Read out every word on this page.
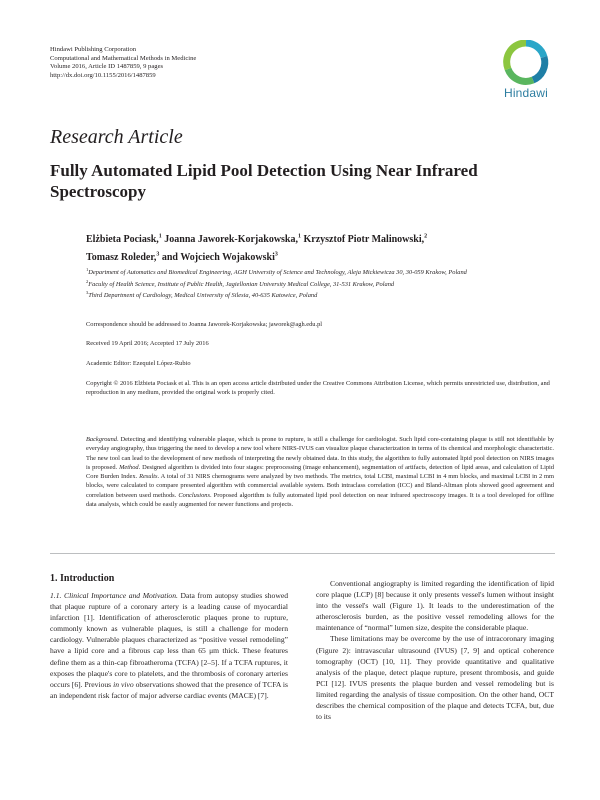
Hindawi Publishing Corporation
Computational and Mathematical Methods in Medicine
Volume 2016, Article ID 1487859, 9 pages
http://dx.doi.org/10.1155/2016/1487859
Hindawi
Research Article
Fully Automated Lipid Pool Detection Using Near Infrared Spectroscopy
Elżbieta Pociask,$^1$ Joanna Jaworek-Korjakowska,$^1$ Krzysztof Piotr Malinowski,$^2$
Tomasz Roleder,$^3$ and Wojciech Wojakowski$^3$
$^1$Department of Automatics and Biomedical Engineering, AGH University of Science and Technology, Aleja Mickiewicza 30, 30-059 Krakow, Poland
$^2$Faculty of Health Science, Institute of Public Health, Jagiellonian University Medical College, 31-531 Krakow, Poland
$^3$Third Department of Cardiology, Medical University of Silesia, 40-635 Katowice, Poland
Correspondence should be addressed to Joanna Jaworek-Korjakowska; jaworek@agh.edu.pl
Received 19 April 2016; Accepted 17 July 2016
Academic Editor: Ezequiel López-Rubio
Copyright © 2016 Elżbieta Pociask et al. This is an open access article distributed under the Creative Commons Attribution License, which permits unrestricted use, distribution, and reproduction in any medium, provided the original work is properly cited.
Background. Detecting and identifying vulnerable plaque, which is prone to rupture, is still a challenge for cardiologist. Such lipid core-containing plaque is still not identifiable by everyday angiography, thus triggering the need to develop a new tool where NIRS-IVUS can visualize plaque characterization in terms of its chemical and morphologic characteristic. The new tool can lead to the development of new methods of interpreting the newly obtained data. In this study, the algorithm to fully automated lipid pool detection on NIRS images is proposed. Method. Designed algorithm is divided into four stages: preprocessing (image enhancement), segmentation of artifacts, detection of lipid areas, and calculation of Lipid Core Burden Index. Results. A total of 31 NIRS chemograms were analyzed by two methods. The metrics, total LCBI, maximal LCBI in 4 mm blocks, and maximal LCBI in 2 mm blocks, were calculated to compare presented algorithm with commercial available system. Both intraclass correlation (ICC) and Bland-Altman plots showed good agreement and correlation between used methods. Conclusions. Proposed algorithm is fully automated lipid pool detection on near infrared spectroscopy images. It is a tool developed for offline data analysis, which could be easily augmented for newer functions and projects.
1. Introduction
1.1. Clinical Importance and Motivation. Data from autopsy studies showed that plaque rupture of a coronary artery is a leading cause of myocardial infarction [1]. Identification of atherosclerotic plaques prone to rupture, commonly known as vulnerable plaques, is still a challenge for modern cardiology. Vulnerable plaques characterized as “positive vessel remodeling” have a lipid core and a fibrous cap less than 65 μm thick. These features define them as a thin-cap fibroatheroma (TCFA) [2–5]. If a TCFA ruptures, it exposes the plaque's core to platelets, and the thrombosis of coronary arteries occurs [6]. Previous in vivo observations showed that the presence of TCFA is an independent risk factor of major adverse cardiac events (MACE) [7].
Conventional angiography is limited regarding the identification of lipid core plaque (LCP) [8] because it only presents vessel's lumen without insight into the vessel's wall (Figure 1). It leads to the underestimation of the atherosclerosis burden, as the positive vessel remodeling allows for the maintenance of “normal” lumen size, despite the considerable plaque.
These limitations may be overcome by the use of intracoronary imaging (Figure 2): intravascular ultrasound (IVUS) [7, 9] and optical coherence tomography (OCT) [10, 11]. They provide quantitative and qualitative analysis of the plaque, detect plaque rupture, present thrombosis, and guide PCI [12]. IVUS presents the plaque burden and vessel remodeling but is limited regarding the analysis of tissue composition. On the other hand, OCT describes the chemical composition of the plaque and detects TCFA, but, due to its
